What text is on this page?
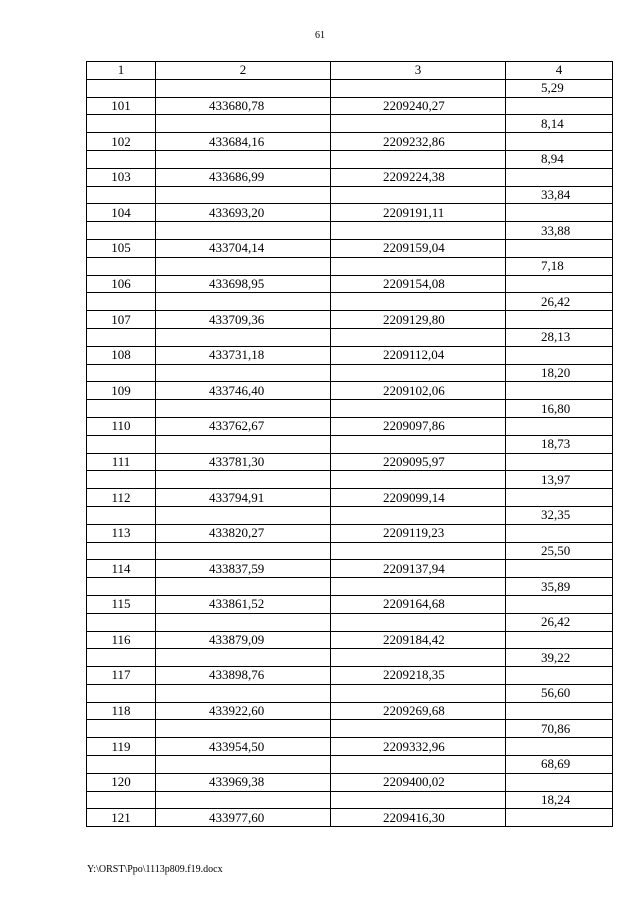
61
1	2	3	4
			5,29
101	433680,78	2209240,27	
			8,14
102	433684,16	2209232,86	
			8,94
103	433686,99	2209224,38	
			33,84
104	433693,20	2209191,11	
			33,88
105	433704,14	2209159,04	
			7,18
106	433698,95	2209154,08	
			26,42
107	433709,36	2209129,80	
			28,13
108	433731,18	2209112,04	
			18,20
109	433746,40	2209102,06	
			16,80
110	433762,67	2209097,86	
			18,73
111	433781,30	2209095,97	
			13,97
112	433794,91	2209099,14	
			32,35
113	433820,27	2209119,23	
			25,50
114	433837,59	2209137,94	
			35,89
115	433861,52	2209164,68	
			26,42
116	433879,09	2209184,42	
			39,22
117	433898,76	2209218,35	
			56,60
118	433922,60	2209269,68	
			70,86
119	433954,50	2209332,96	
			68,69
120	433969,38	2209400,02	
			18,24
121	433977,60	2209416,30	
Y:\ORST\Ppo\1113p809.f19.docx
